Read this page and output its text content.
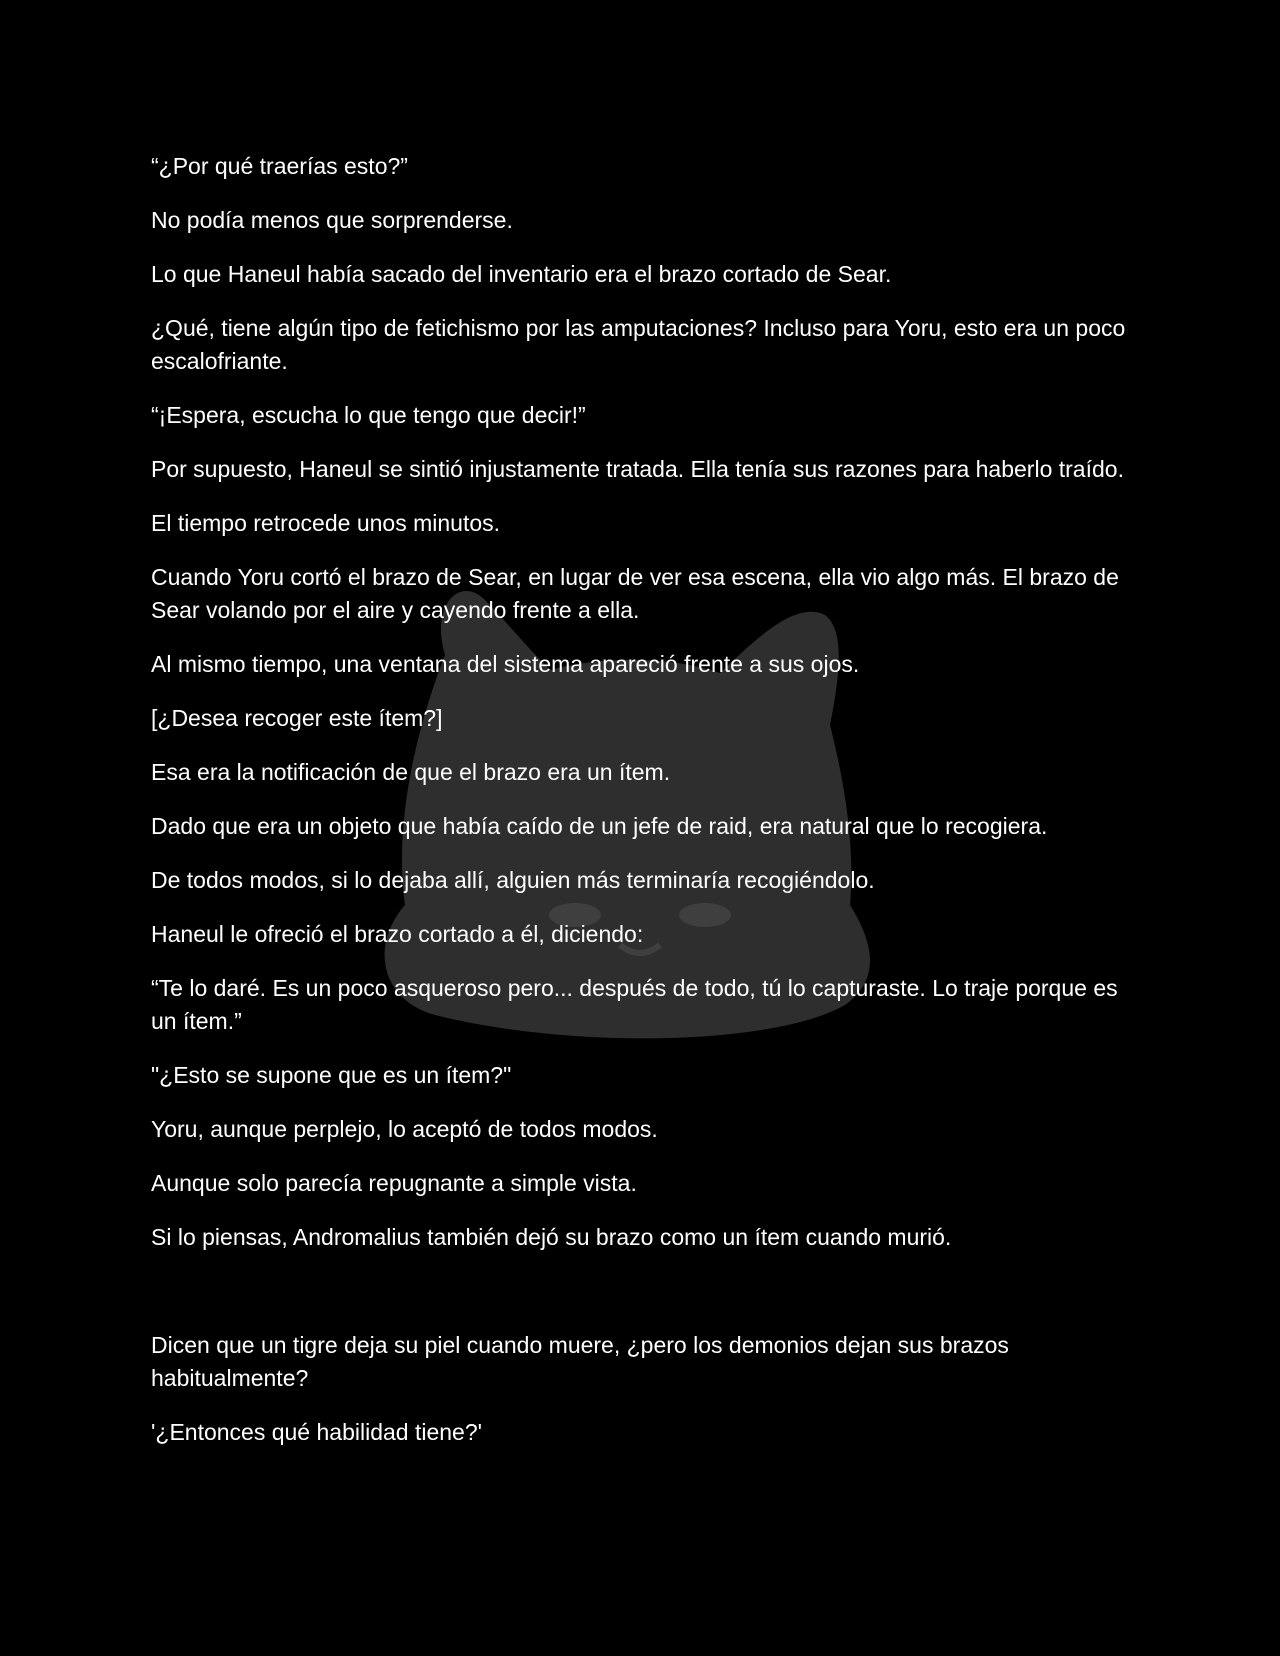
“¿Por qué traerías esto?”

No podía menos que sorprenderse.

Lo que Haneul había sacado del inventario era el brazo cortado de Sear.

¿Qué, tiene algún tipo de fetichismo por las amputaciones? Incluso para Yoru, esto era un poco escalofriante.

“¡Espera, escucha lo que tengo que decir!”

Por supuesto, Haneul se sintió injustamente tratada. Ella tenía sus razones para haberlo traído.

El tiempo retrocede unos minutos.

Cuando Yoru cortó el brazo de Sear, en lugar de ver esa escena, ella vio algo más. El brazo de Sear volando por el aire y cayendo frente a ella.

Al mismo tiempo, una ventana del sistema apareció frente a sus ojos.

[¿Desea recoger este ítem?]

Esa era la notificación de que el brazo era un ítem.

Dado que era un objeto que había caído de un jefe de raid, era natural que lo recogiera.

De todos modos, si lo dejaba allí, alguien más terminaría recogiéndolo.

Haneul le ofreció el brazo cortado a él, diciendo:

“Te lo daré. Es un poco asqueroso pero... después de todo, tú lo capturaste. Lo traje porque es un ítem.”

"¿Esto se supone que es un ítem?"

Yoru, aunque perplejo, lo aceptó de todos modos.

Aunque solo parecía repugnante a simple vista.

Si lo piensas, Andromalius también dejó su brazo como un ítem cuando murió.

Dicen que un tigre deja su piel cuando muere, ¿pero los demonios dejan sus brazos habitualmente?

'¿Entonces qué habilidad tiene?'
